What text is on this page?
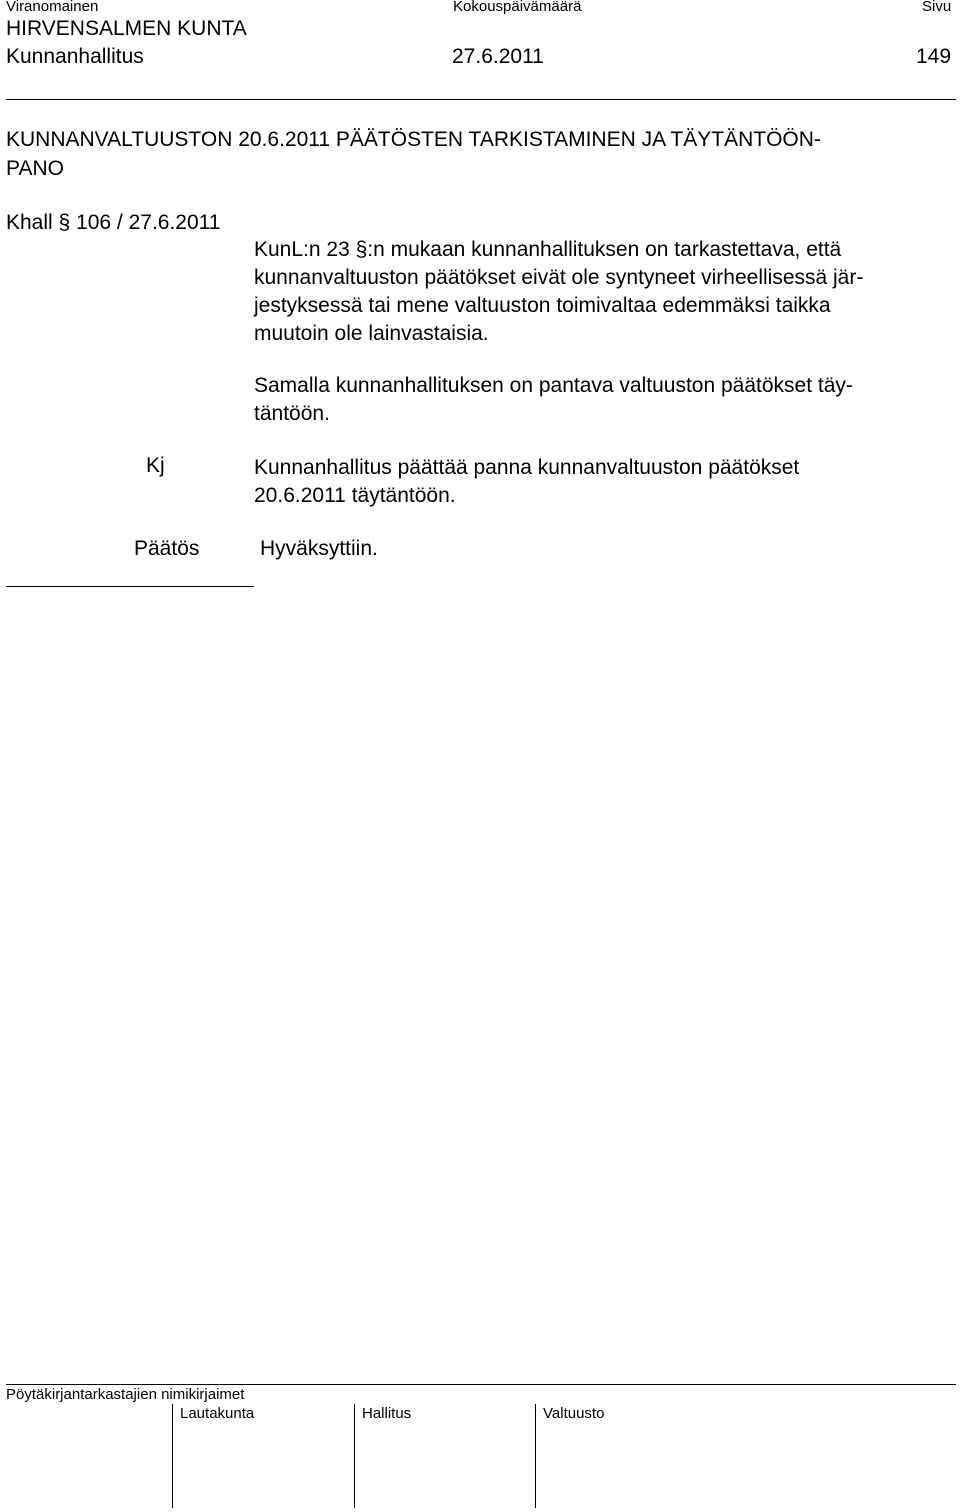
Viranomainen	Kokouspäivämäärä	Sivu
HIRVENSALMEN KUNTA
Kunnanhallitus	27.6.2011	149
KUNNANVALTUUSTON 20.6.2011 PÄÄTÖSTEN TARKISTAMINEN JA TÄYTÄNTÖÖN-
PANO
Khall § 106 / 27.6.2011
KunL:n 23 §:n mukaan kunnanhallituksen on tarkastettava, että
kunnanvaltuuston päätökset eivät ole syntyneet virheellisessä jär-
jestyksessä tai mene valtuuston toimivaltaa edemmäksi taikka
muutoin ole lainvastaisia.
Samalla kunnanhallituksen on pantava valtuuston päätökset täy-
täntöön.
Kj	Kunnanhallitus päättää panna kunnanvaltuuston päätökset
20.6.2011 täytäntöön.
Päätös	Hyväksyttiin.
Pöytäkirjantarkastajien nimikirjaimet
Lautakunta	Hallitus	Valtuusto
